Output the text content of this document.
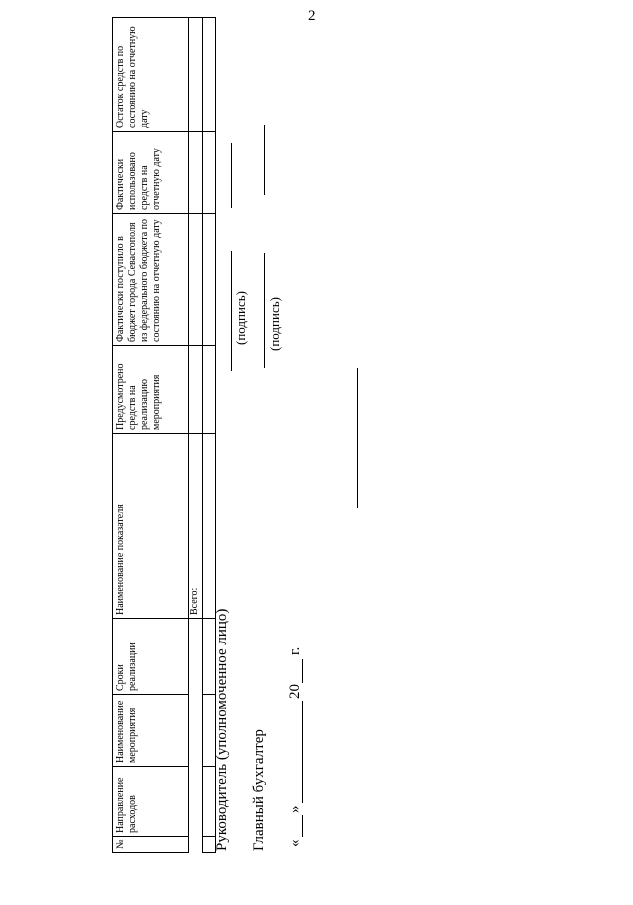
2
№	Направление расходов	Наименование мероприятия	Сроки реализации	Наименование показателя	Предусмотрено средств на реализацию мероприятия	Фактически поступило в бюджет города Севастополя из федерального бюджета по состоянию на отчетную дату	Фактически использовано средств на отчетную дату	Остаток средств по состоянию на отчетную дату
				Всего:				

Руководитель (уполномоченное лицо)
(подпись)
Главный бухгалтер
(подпись)
«
»
20
г.
